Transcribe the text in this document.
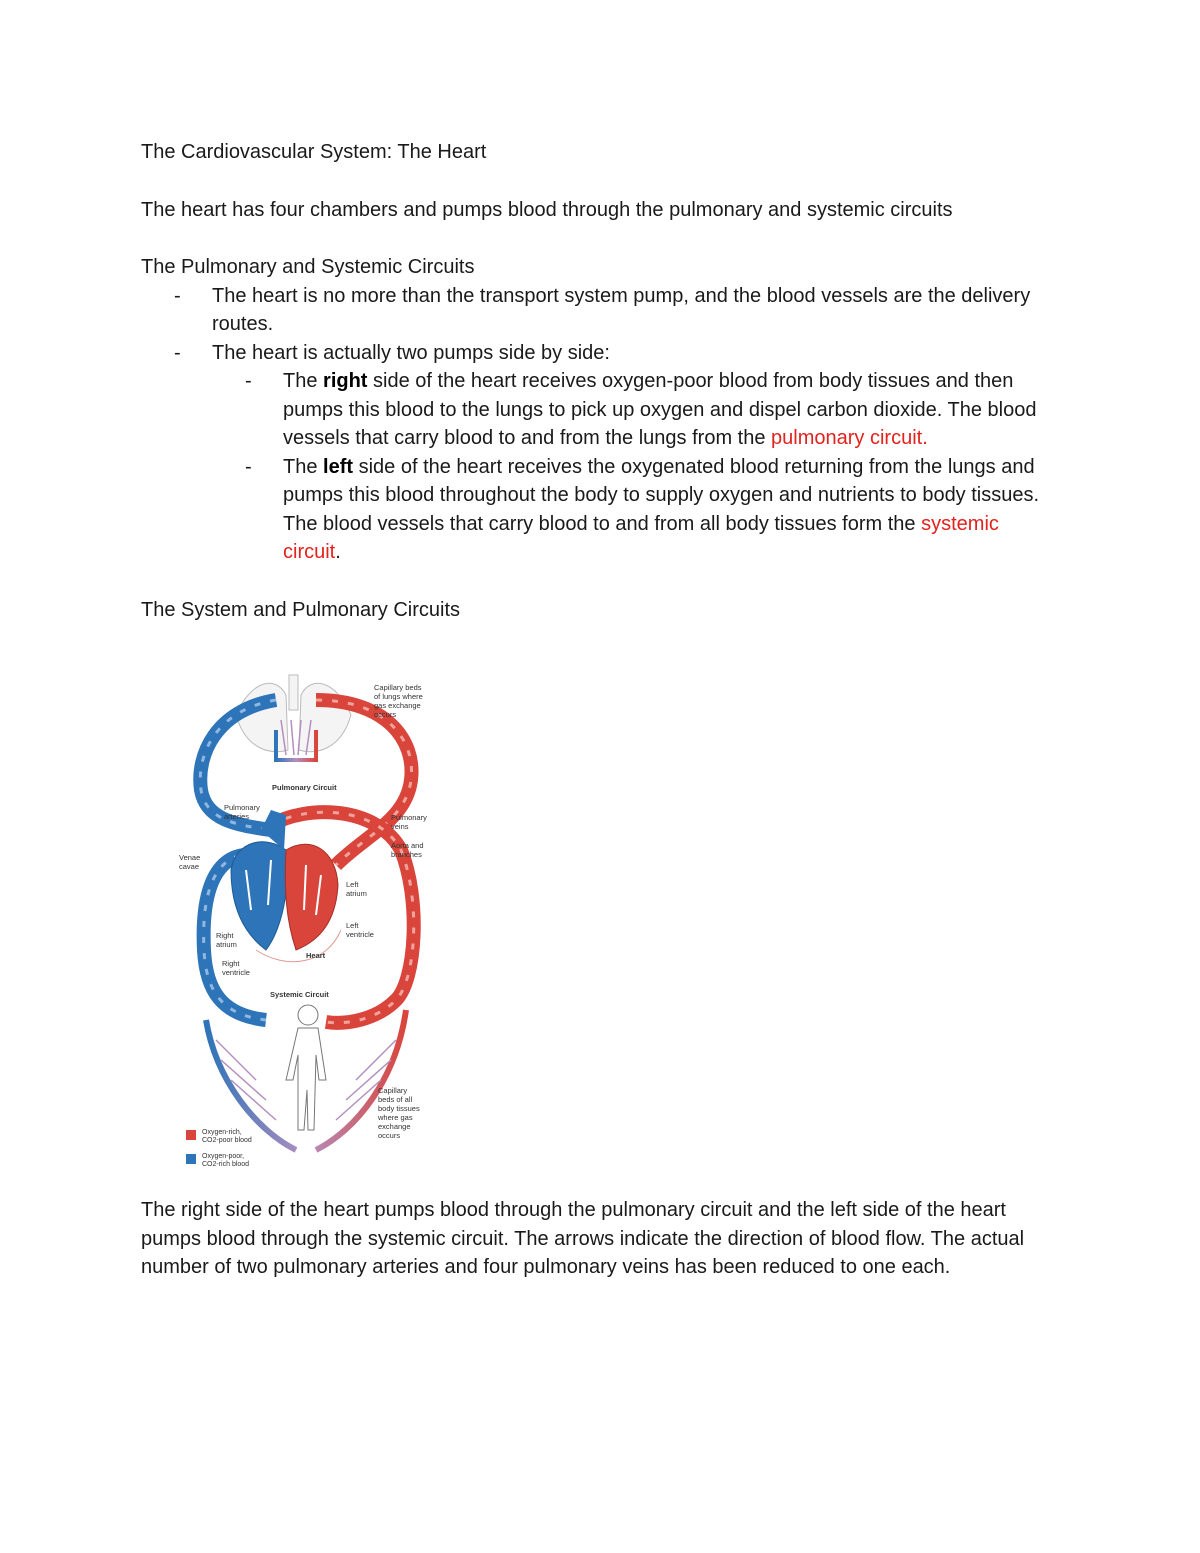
The Cardiovascular System: The Heart

The heart has four chambers and pumps blood through the pulmonary and systemic circuits

The Pulmonary and Systemic Circuits

- The heart is no more than the transport system pump, and the blood vessels are the delivery routes.
- The heart is actually two pumps side by side:
- The right side of the heart receives oxygen-poor blood from body tissues and then pumps this blood to the lungs to pick up oxygen and dispel carbon dioxide. The blood vessels that carry blood to and from the lungs from the pulmonary circuit.
- The left side of the heart receives the oxygenated blood returning from the lungs and pumps this blood throughout the body to supply oxygen and nutrients to body tissues. The blood vessels that carry blood to and from all body tissues form the systemic circuit.

The System and Pulmonary Circuits

Capillary beds of lungs where gas exchange occurs
Pulmonary Circuit
Pulmonary arteries	Pulmonary veins
Venae cavae
Aorta and branches
Left atrium
Left ventricle
Right atrium
Right ventricle
Heart
Systemic Circuit
Capillary beds of all body tissues where gas exchange occurs
Oxygen-rich, CO2-poor blood
Oxygen-poor, CO2-rich blood

The right side of the heart pumps blood through the pulmonary circuit and the left side of the heart pumps blood through the systemic circuit. The arrows indicate the direction of blood flow. The actual number of two pulmonary arteries and four pulmonary veins has been reduced to one each.
